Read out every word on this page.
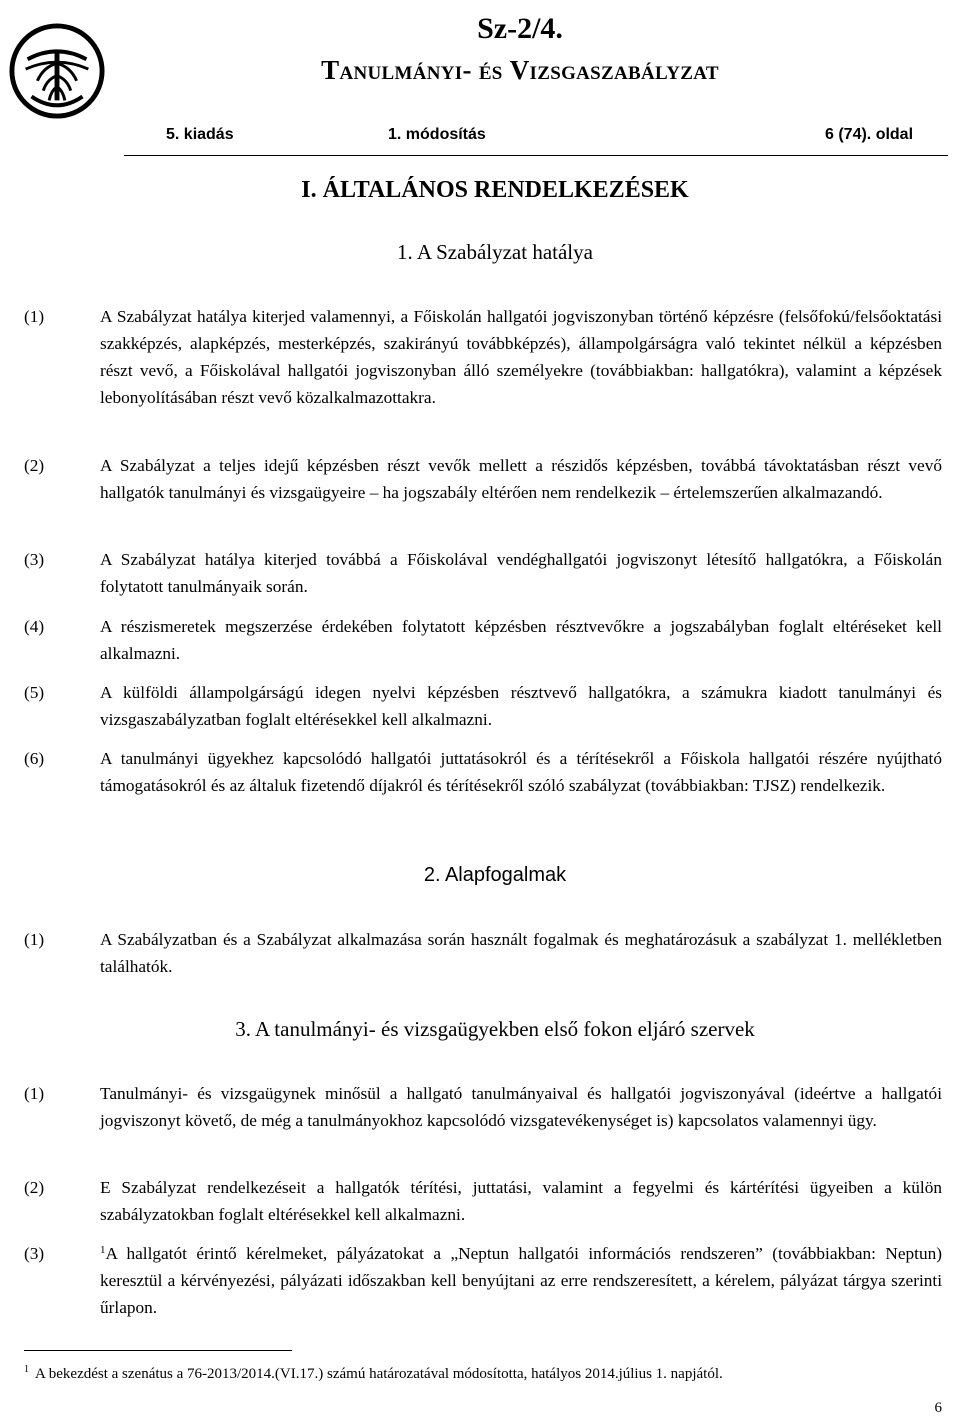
Sz-2/4.
Tanulmányi- és Vizsgaszabályzat
5. kiadás	1. módosítás	6 (74). oldal
I. ÁLTALÁNOS RENDELKEZÉSEK
1. A Szabályzat hatálya
(1)	A Szabályzat hatálya kiterjed valamennyi, a Főiskolán hallgatói jogviszonyban történő képzésre (felsőfokú/felsőoktatási szakképzés, alapképzés, mesterképzés, szakirányú továbbképzés), állampolgárságra való tekintet nélkül a képzésben részt vevő, a Főiskolával hallgatói jogviszonyban álló személyekre (továbbiakban: hallgatókra), valamint a képzések lebonyolításában részt vevő közalkalmazottakra.
(2)	A Szabályzat a teljes idejű képzésben részt vevők mellett a részidős képzésben, továbbá távoktatásban részt vevő hallgatók tanulmányi és vizsgaügyeire – ha jogszabály eltérően nem rendelkezik – értelemszerűen alkalmazandó.
(3)	A Szabályzat hatálya kiterjed továbbá a Főiskolával vendéghallgatói jogviszonyt létesítő hallgatókra, a Főiskolán folytatott tanulmányaik során.
(4)	A részismeretek megszerzése érdekében folytatott képzésben résztvevőkre a jogszabályban foglalt eltéréseket kell alkalmazni.
(5)	A külföldi állampolgárságú idegen nyelvi képzésben résztvevő hallgatókra, a számukra kiadott tanulmányi és vizsgaszabályzatban foglalt eltérésekkel kell alkalmazni.
(6)	A tanulmányi ügyekhez kapcsolódó hallgatói juttatásokról és a térítésekről a Főiskola hallgatói részére nyújtható támogatásokról és az általuk fizetendő díjakról és térítésekről szóló szabályzat (továbbiakban: TJSZ) rendelkezik.
2. Alapfogalmak
(1)	A Szabályzatban és a Szabályzat alkalmazása során használt fogalmak és meghatározásuk a szabályzat 1. mellékletben találhatók.
3. A tanulmányi- és vizsgaügyekben első fokon eljáró szervek
(1)	Tanulmányi- és vizsgaügynek minősül a hallgató tanulmányaival és hallgatói jogviszonyával (ideértve a hallgatói jogviszonyt követő, de még a tanulmányokhoz kapcsolódó vizsgatevékenységet is) kapcsolatos valamennyi ügy.
(2)	E Szabályzat rendelkezéseit a hallgatók térítési, juttatási, valamint a fegyelmi és kártérítési ügyeiben a külön szabályzatokban foglalt eltérésekkel kell alkalmazni.
(3)	$^1$A hallgatót érintő kérelmeket, pályázatokat a „Neptun hallgatói információs rendszeren” (továbbiakban: Neptun) keresztül a kérvényezési, pályázati időszakban kell benyújtani az erre rendszeresített, a kérelem, pályázat tárgya szerinti űrlapon.
$^1$ A bekezdést a szenátus a 76-2013/2014.(VI.17.) számú határozatával módosította, hatályos 2014.július 1. napjától.
6
